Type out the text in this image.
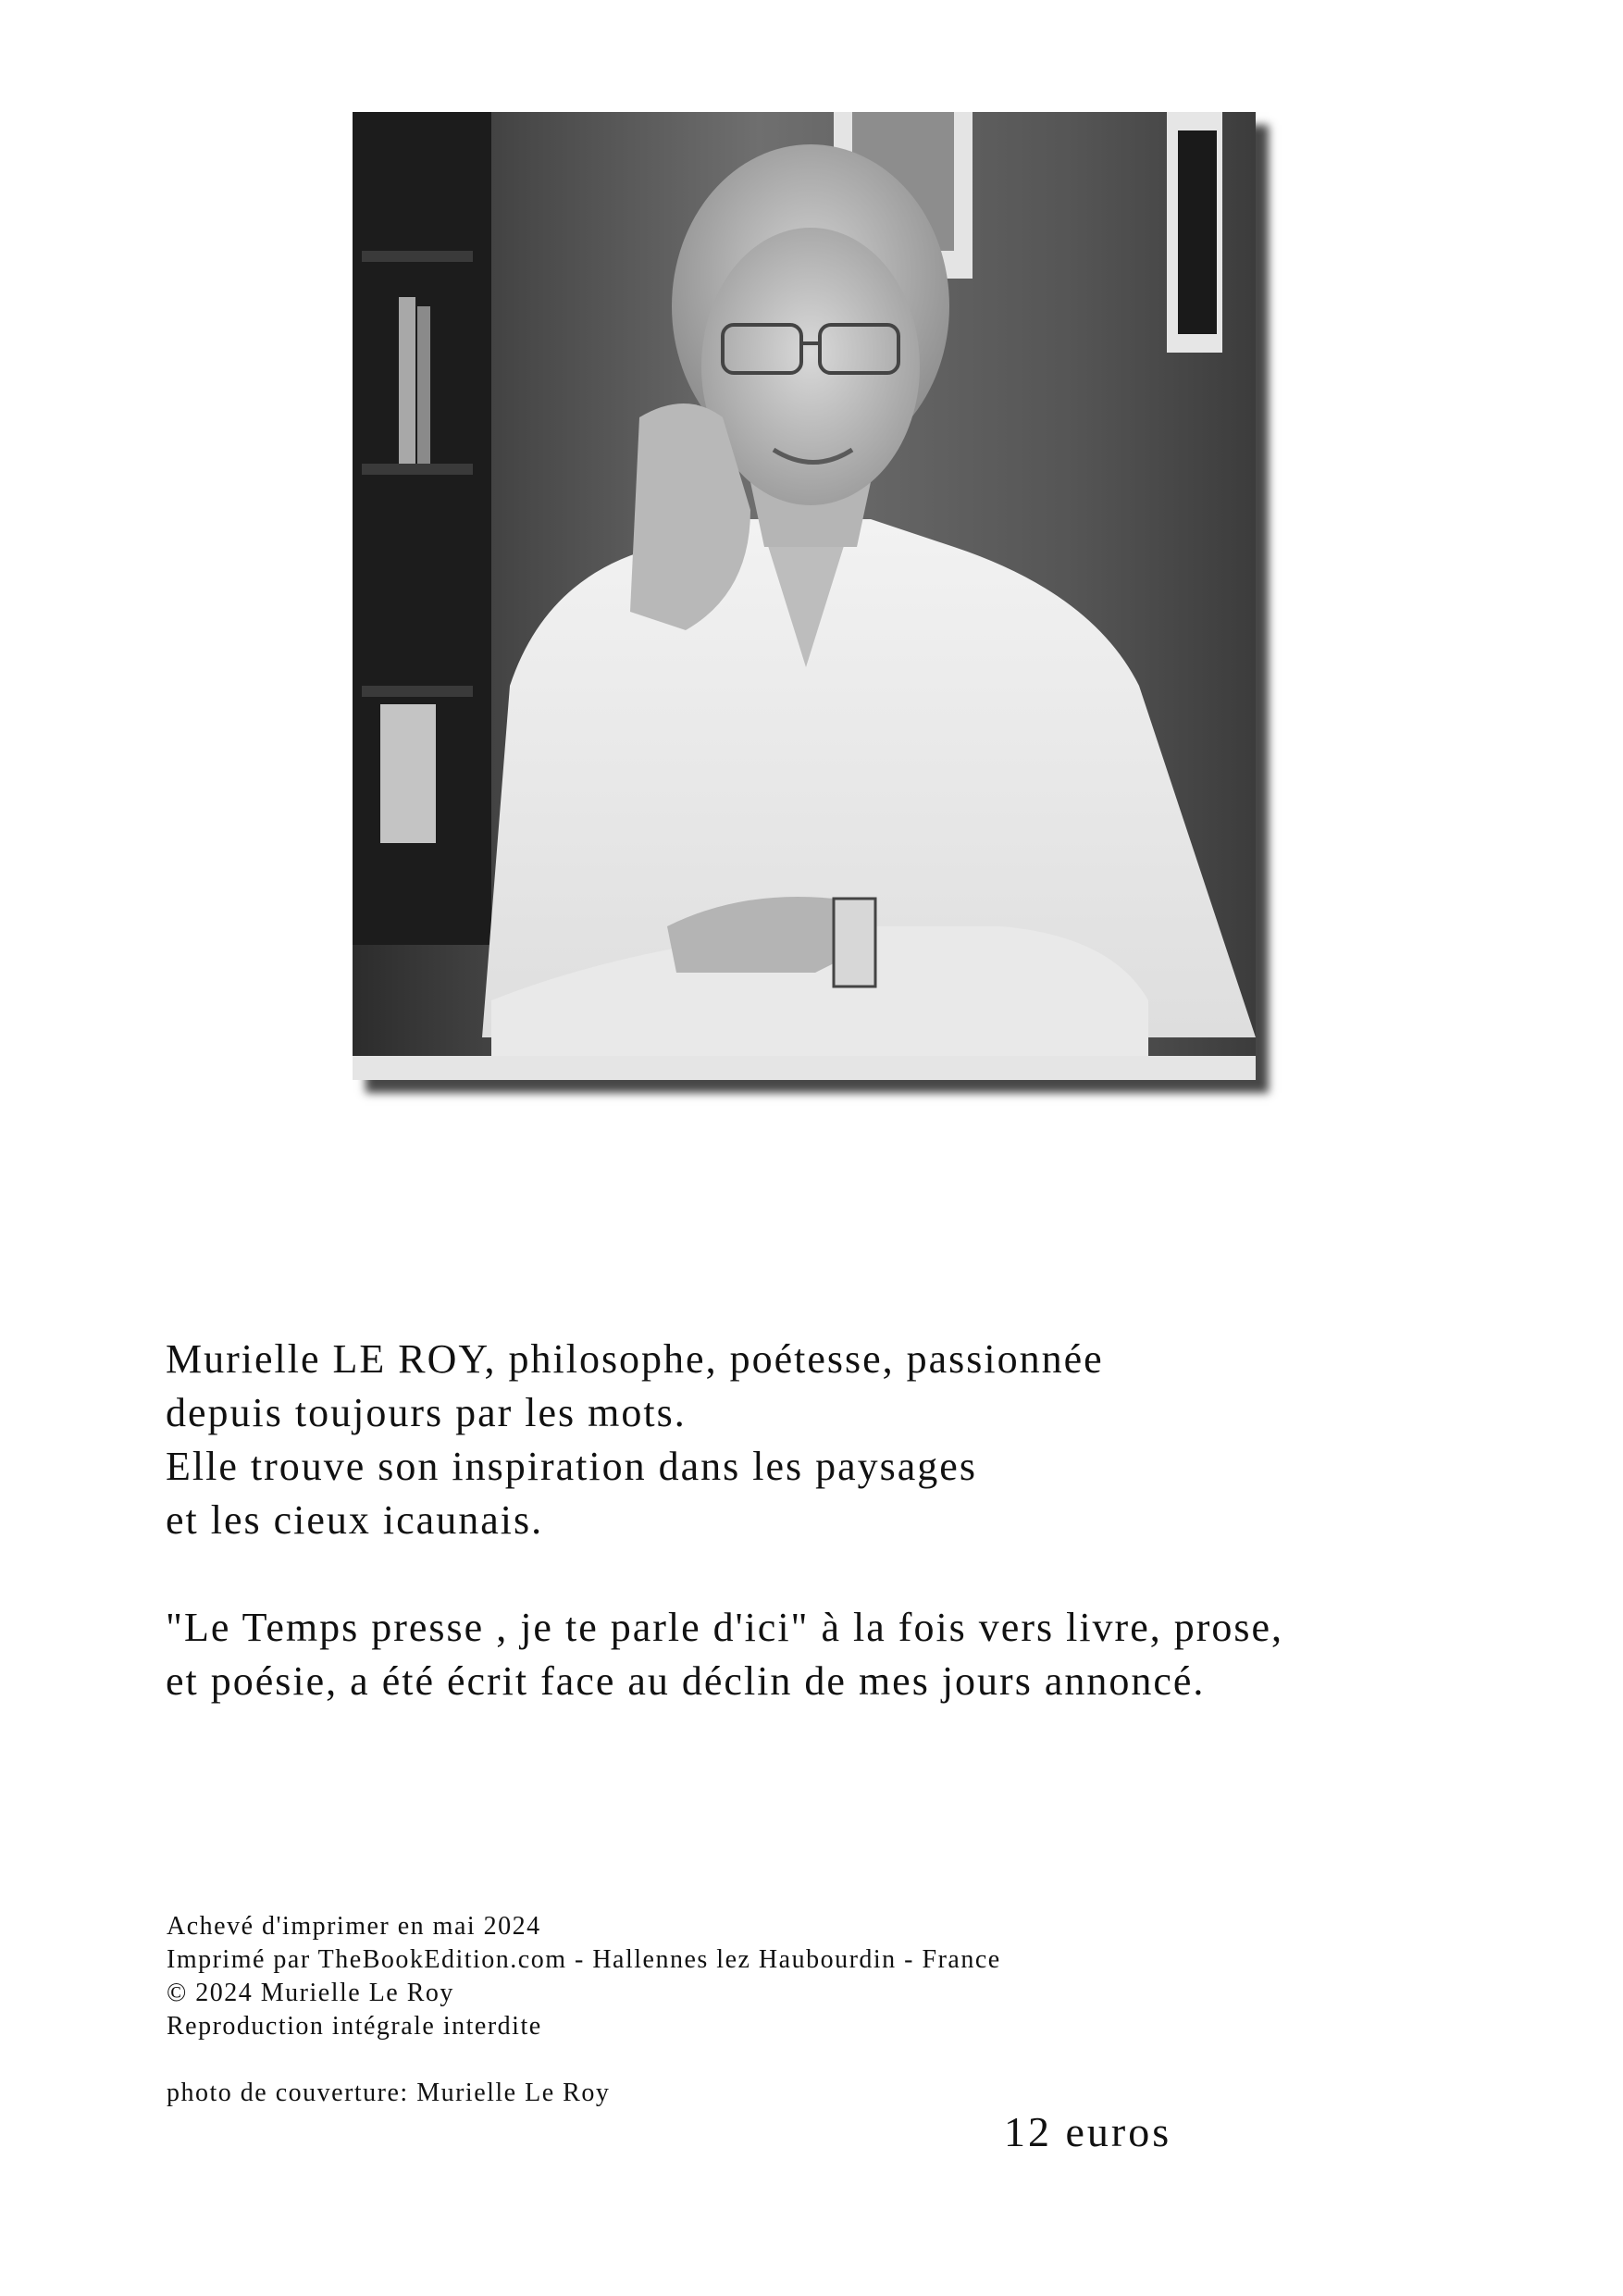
Murielle LE ROY, philosophe, poétesse, passionnée

depuis toujours par les mots.

Elle trouve son inspiration dans les paysages

et les cieux icaunais.

"Le Temps presse , je te parle d'ici" à la fois vers livre, prose,

et poésie, a été écrit face au déclin de mes jours annoncé.

Achevé d'imprimer en mai 2024

Imprimé par TheBookEdition.com - Hallennes lez Haubourdin - France

© 2024 Murielle Le Roy

Reproduction intégrale interdite

photo de couverture: Murielle Le Roy

12 euros
